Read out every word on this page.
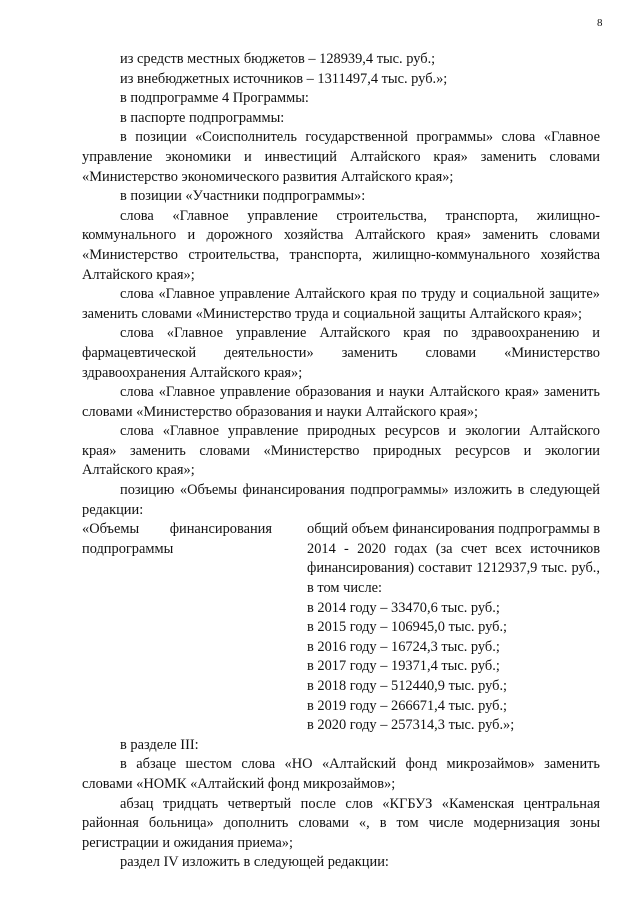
8

из средств местных бюджетов – 128939,4 тыс. руб.;

из внебюджетных источников – 1311497,4 тыс. руб.»;

в подпрограмме 4 Программы:

в паспорте подпрограммы:

в позиции «Соисполнитель государственной программы» слова «Главное управление экономики и инвестиций Алтайского края» заменить словами «Министерство экономического развития Алтайского края»;

в позиции «Участники подпрограммы»:

слова «Главное управление строительства, транспорта, жилищно-коммунального и дорожного хозяйства Алтайского края» заменить словами «Министерство строительства, транспорта, жилищно-коммунального хозяйства Алтайского края»;

слова «Главное управление Алтайского края по труду и социальной защите» заменить словами «Министерство труда и социальной защиты Алтайского края»;

слова «Главное управление Алтайского края по здравоохранению и фармацевтической деятельности» заменить словами «Министерство здравоохранения Алтайского края»;

слова «Главное управление образования и науки Алтайского края» заменить словами «Министерство образования и науки Алтайского края»;

слова «Главное управление природных ресурсов и экологии Алтайского края» заменить словами «Министерство природных ресурсов и экологии Алтайского края»;

позицию «Объемы финансирования подпрограммы» изложить в следующей редакции:

«Объемы финансирования
подпрограммы
общий объем финансирования подпрограммы в 2014 - 2020 годах (за счет всех источников финансирования) составит 1212937,9 тыс. руб., в том числе:
в 2014 году – 33470,6 тыс. руб.;
в 2015 году – 106945,0 тыс. руб.;
в 2016 году – 16724,3 тыс. руб.;
в 2017 году – 19371,4 тыс. руб.;
в 2018 году – 512440,9 тыс. руб.;
в 2019 году – 266671,4 тыс. руб.;
в 2020 году – 257314,3 тыс. руб.»;

в разделе III:

в абзаце шестом слова «НО «Алтайский фонд микрозаймов» заменить словами «НОМК «Алтайский фонд микрозаймов»;

абзац тридцать четвертый после слов «КГБУЗ «Каменская центральная районная больница» дополнить словами «, в том числе модернизация зоны регистрации и ожидания приема»;

раздел IV изложить в следующей редакции:
